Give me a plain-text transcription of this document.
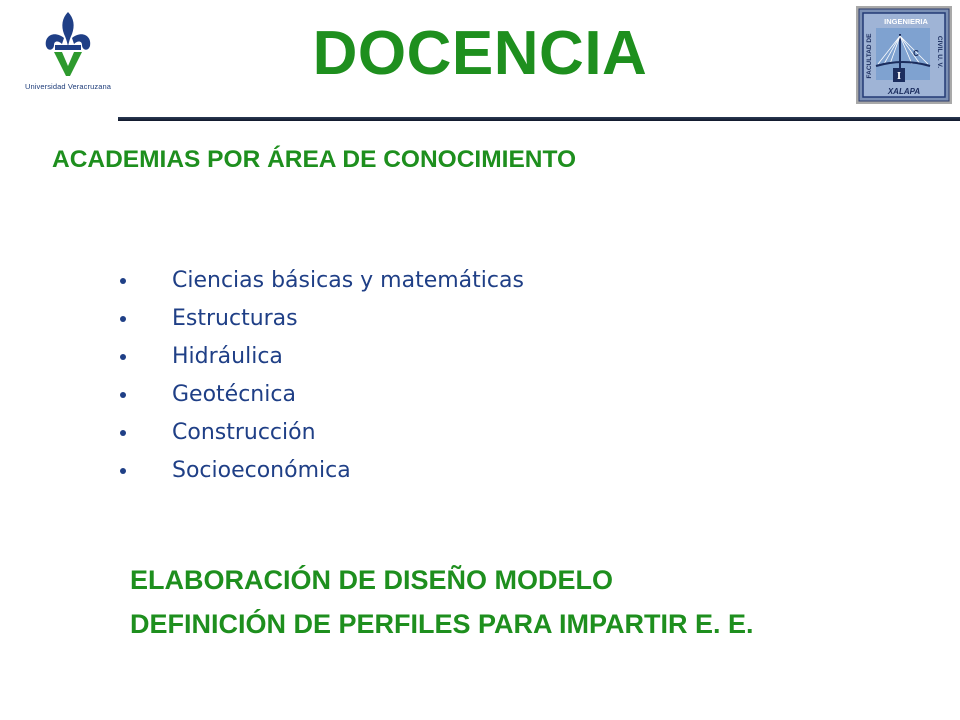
Universidad Veracruzana	DOCENCIA	I
C
INGENIERIA
XALAPA
FACULTAD DE	CIVIL U. V.
ACADEMIAS POR ÁREA DE CONOCIMIENTO
Ciencias básicas y matemáticas
Estructuras
Hidráulica
Geotécnica
Construcción
Socioeconómica
ELABORACIÓN DE DISEÑO MODELO
DEFINICIÓN DE PERFILES PARA IMPARTIR E. E.
